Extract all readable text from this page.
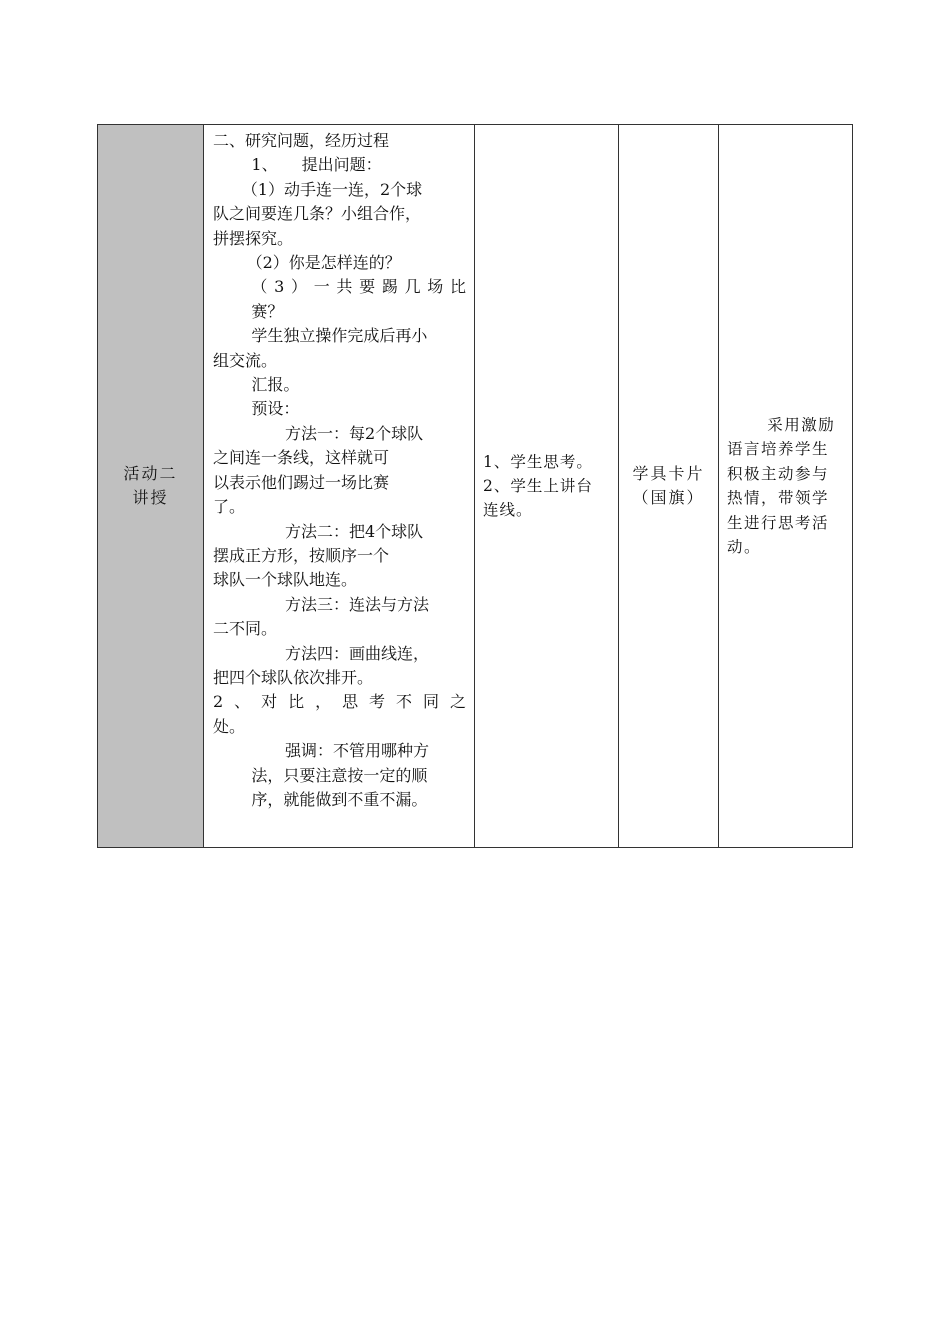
活动二
讲授

二、研究问题，经历过程

1、　　提出问题：

（1）动手连一连，2个球

队之间要连几条？小组合作，

拼摆探究。

（2）你是怎样连的？

（3）一共要踢几场比

赛？

学生独立操作完成后再小

组交流。

汇报。

预设：

方法一：每2个球队

之间连一条线，这样就可

以表示他们踢过一场比赛

了。

方法二：把4个球队

摆成正方形，按顺序一个

球队一个球队地连。

方法三：连法与方法

二不同。

方法四：画曲线连，

把四个球队依次排开。

2、对比，思考不同之

处。

强调：不管用哪种方

法，只要注意按一定的顺

序，就能做到不重不漏。

1、学生思考。
2、学生上讲台
连线。
学具卡片
（国旗）

采用激励

语言培养学生

积极主动参与

热情，带领学

生进行思考活

动。
